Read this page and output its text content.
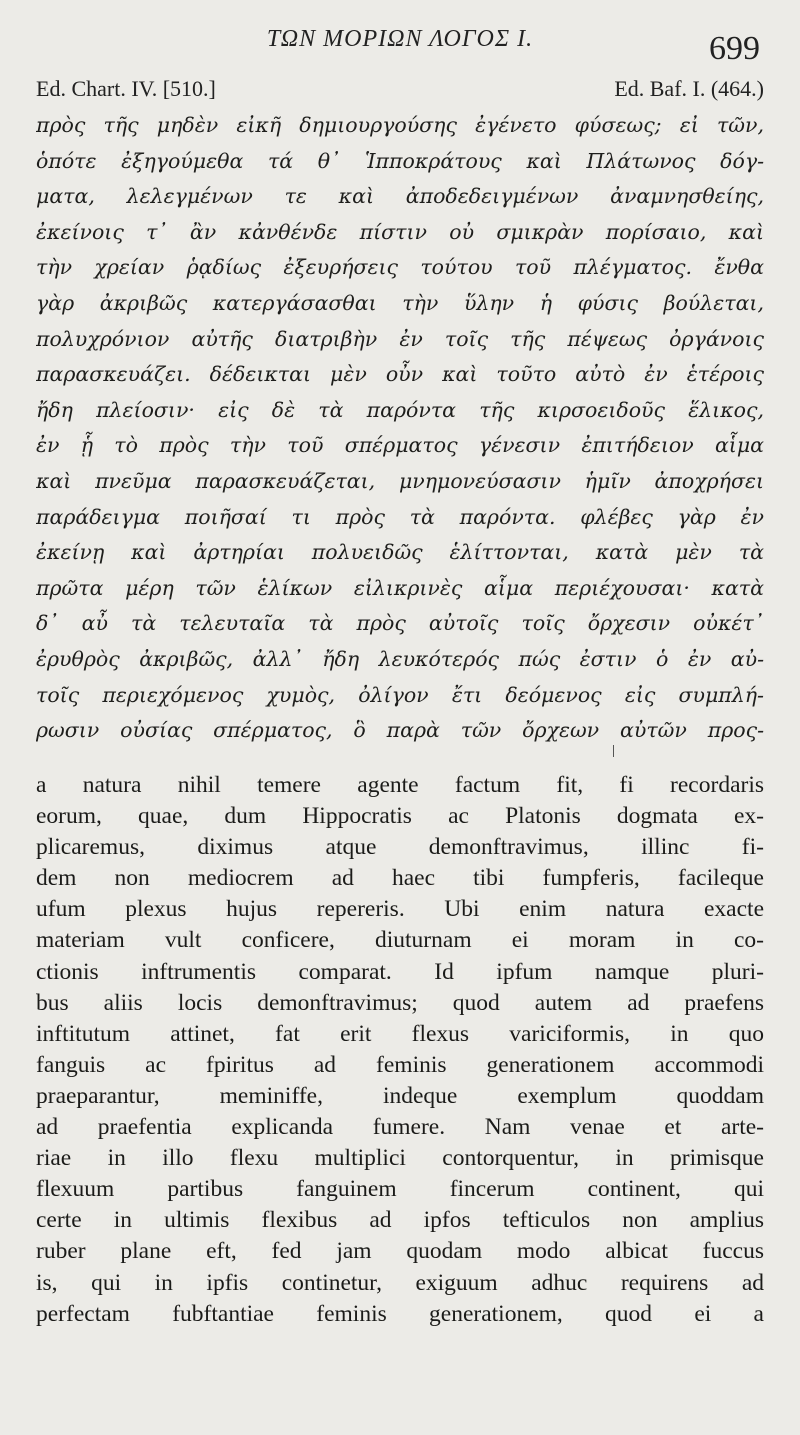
ΤΩΝ ΜΟΡΙΩΝ ΛΟΓΟΣ Ι.	699
Ed. Chart. IV. [510.]	Ed. Baf. I. (464.)
πρὸς τῆς μηδὲν εἰκῆ δημιουργούσης ἐγένετο φύσεως; εἰ τῶν,
ὁπότε ἐξηγούμεθα τά θ᾽ Ἱπποκράτους καὶ Πλάτωνος δόγ-
ματα, λελεγμένων τε καὶ ἀποδεδειγμένων ἀναμνησθείης,
ἐκείνοις τ᾽ ἂν κἀνθένδε πίστιν οὐ σμικρὰν πορίσαιο, καὶ
τὴν χρείαν ῥᾳδίως ἐξευρήσεις τούτου τοῦ πλέγματος. ἔνθα
γὰρ ἀκριβῶς κατεργάσασθαι τὴν ὕλην ἡ φύσις βούλεται,
πολυχρόνιον αὐτῆς διατριβὴν ἐν τοῖς τῆς πέψεως ὀργάνοις
παρασκευάζει. δέδεικται μὲν οὖν καὶ τοῦτο αὐτὸ ἐν ἑτέροις
ἤδη πλείοσιν· εἰς δὲ τὰ παρόντα τῆς κιρσοειδοῦς ἕλικος,
ἐν ᾗ τὸ πρὸς τὴν τοῦ σπέρματος γένεσιν ἐπιτήδειον αἷμα
καὶ πνεῦμα παρασκευάζεται, μνημονεύσασιν ἡμῖν ἀποχρήσει
παράδειγμα ποιῆσαί τι πρὸς τὰ παρόντα. φλέβες γὰρ ἐν
ἐκείνῃ καὶ ἀρτηρίαι πολυειδῶς ἑλίττονται, κατὰ μὲν τὰ
πρῶτα μέρη τῶν ἑλίκων εἰλικρινὲς αἷμα περιέχουσαι· κατὰ
δ᾽ αὖ τὰ τελευταῖα τὰ πρὸς αὐτοῖς τοῖς ὄρχεσιν οὐκέτ᾽
ἐρυθρὸς ἀκριβῶς, ἀλλ᾽ ἤδη λευκότερός πώς ἐστιν ὁ ἐν αὐ-
τοῖς περιεχόμενος χυμὸς, ὀλίγον ἔτι δεόμενος εἰς συμπλή-
ρωσιν οὐσίας σπέρματος, ὃ παρὰ τῶν ὄρχεων αὐτῶν προς-
a natura nihil temere agente factum fit, fi recordaris
eorum, quae, dum Hippocratis ac Platonis dogmata ex-
plicaremus, diximus atque demonftravimus, illinc fi-
dem non mediocrem ad haec tibi fumpferis, facileque
ufum plexus hujus repereris. Ubi enim natura exacte
materiam vult conficere, diuturnam ei moram in co-
ctionis inftrumentis comparat. Id ipfum namque pluri-
bus aliis locis demonftravimus; quod autem ad praefens
inftitutum attinet, fat erit flexus variciformis, in quo
fanguis ac fpiritus ad feminis generationem accommodi
praeparantur, meminiffe, indeque exemplum quoddam
ad praefentia explicanda fumere. Nam venae et arte-
riae in illo flexu multiplici contorquentur, in primisque
flexuum partibus fanguinem fincerum continent, qui
certe in ultimis flexibus ad ipfos tefticulos non amplius
ruber plane eft, fed jam quodam modo albicat fuccus
is, qui in ipfis continetur, exiguum adhuc requirens ad
perfectam fubftantiae feminis generationem, quod ei a
